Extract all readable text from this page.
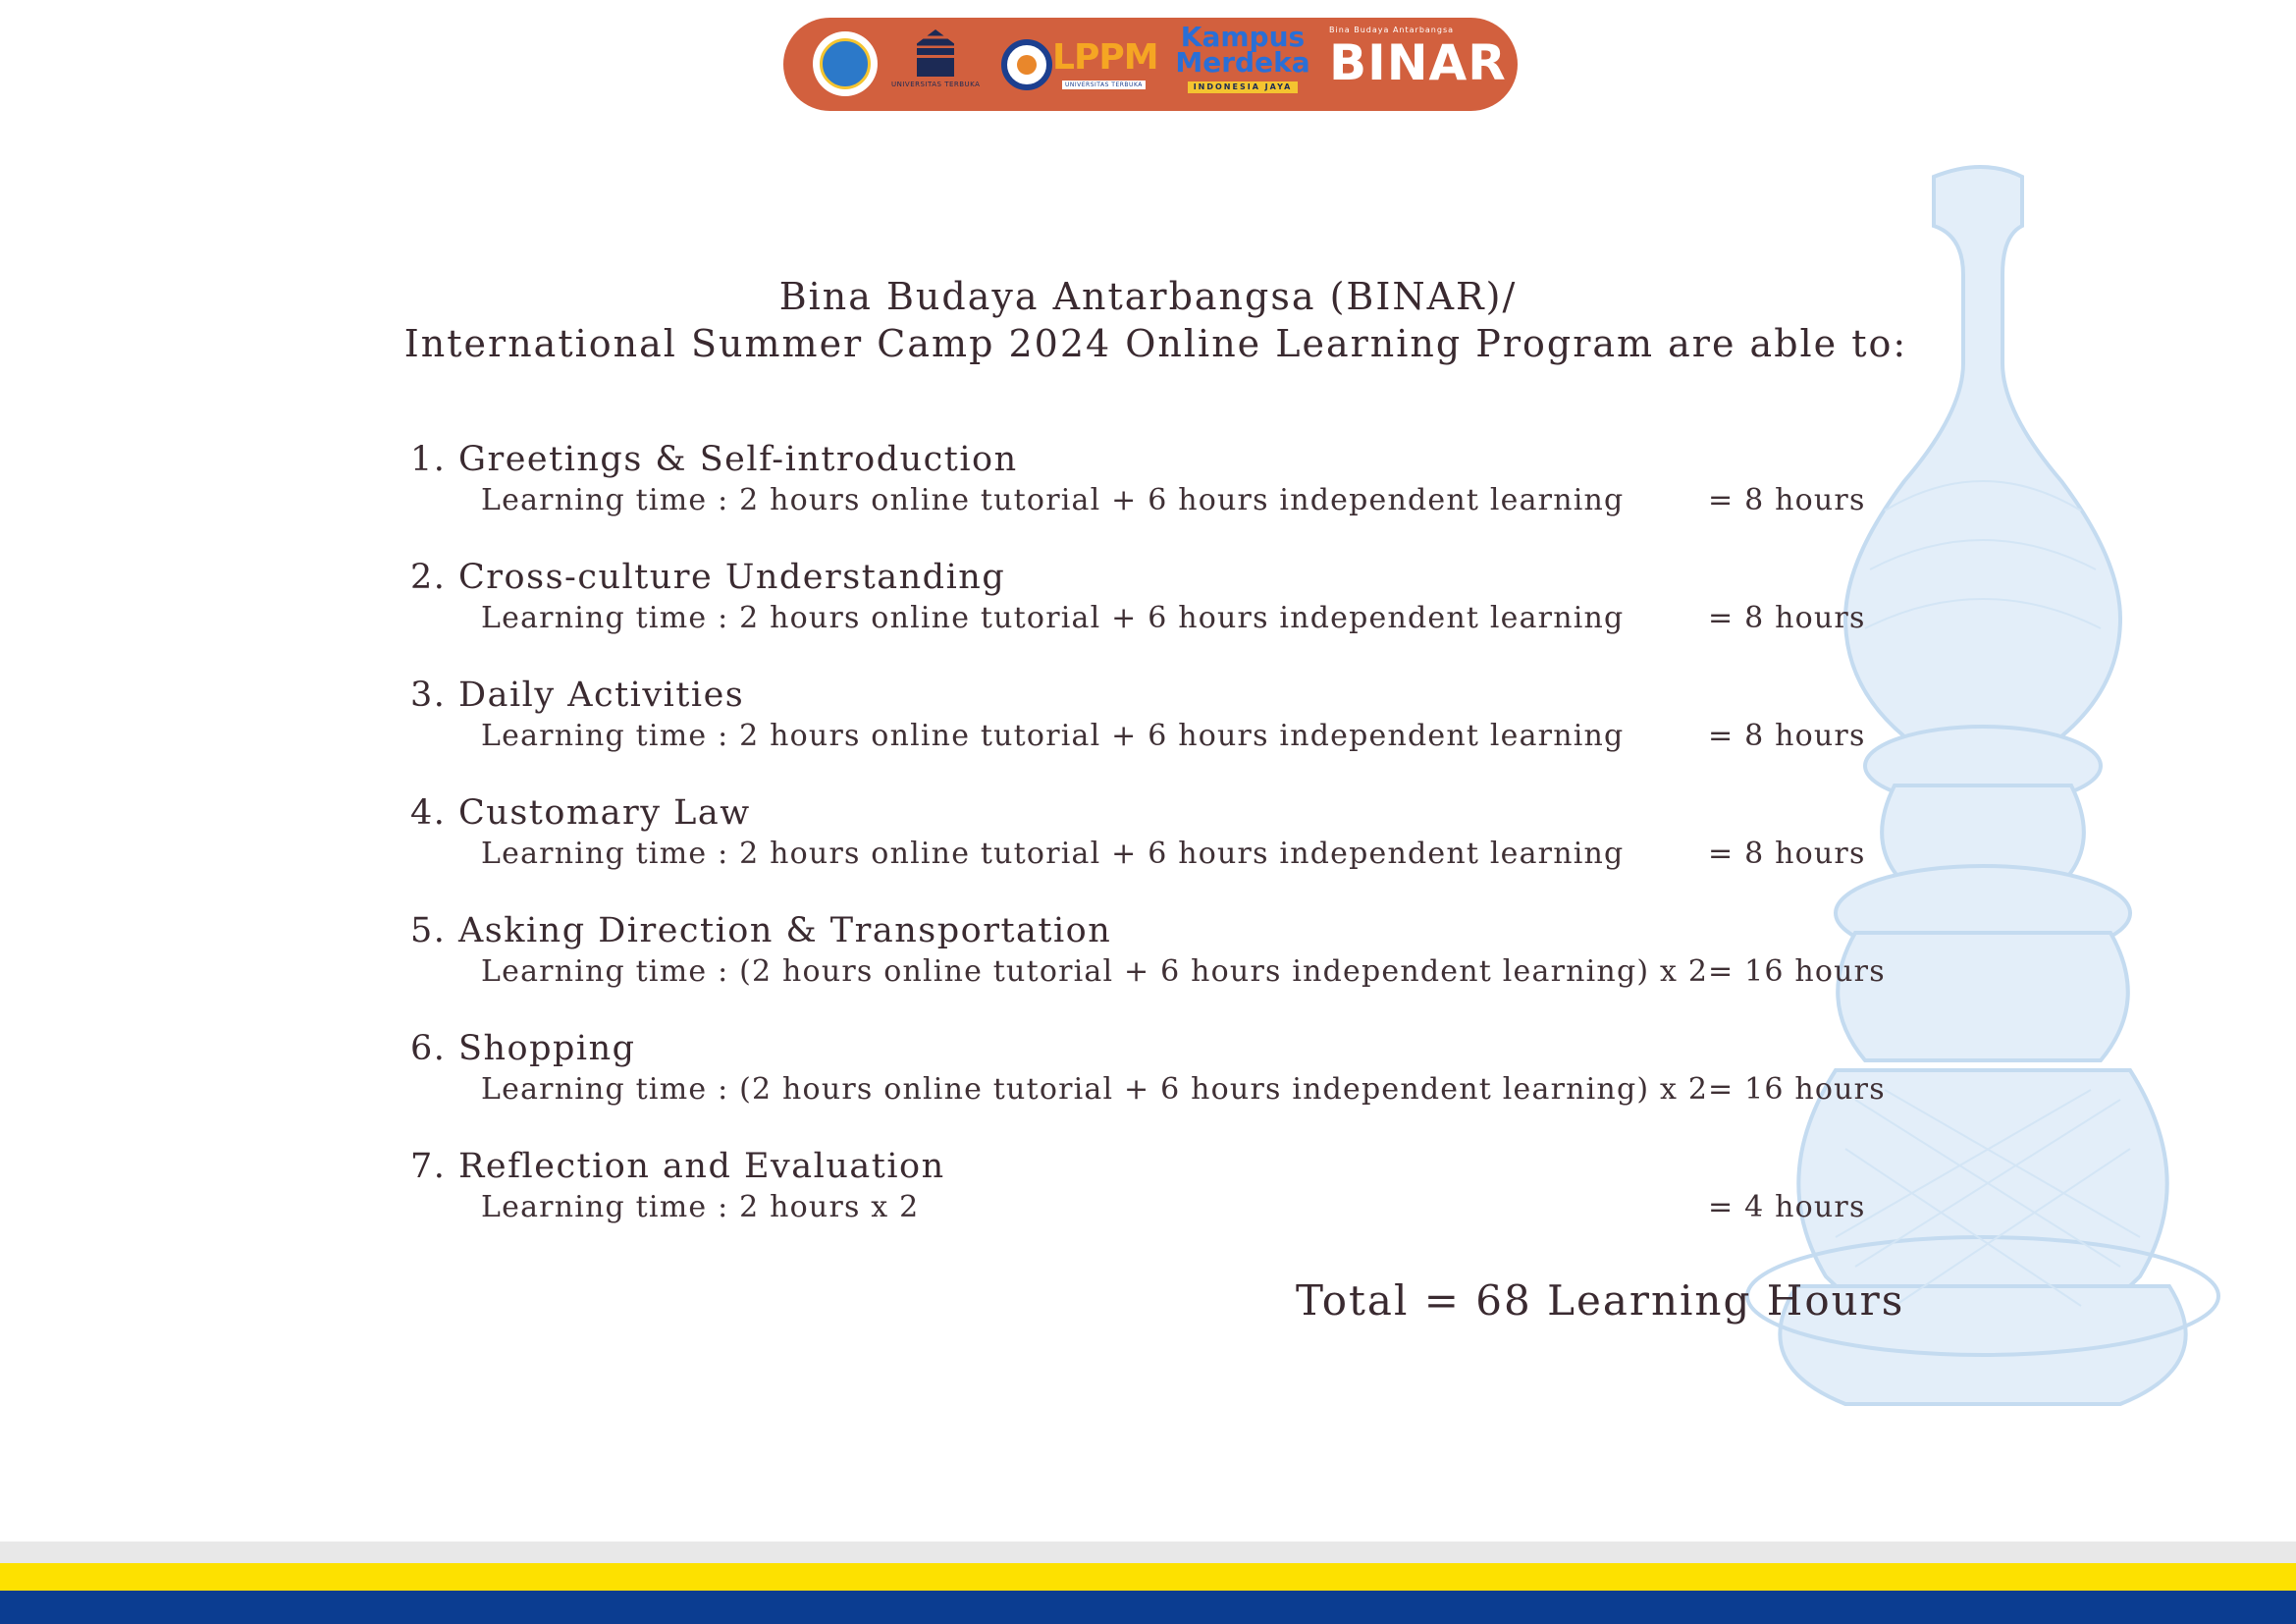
UNIVERSITAS TERBUKA
LPPM
UNIVERSITAS TERBUKA
Kampus
Merdeka
INDONESIA JAYA
Bina Budaya Antarbangsa
BINAR
Bina Budaya Antarbangsa (BINAR)/
International Summer Camp 2024 Online Learning Program are able to:
1. Greetings & Self-introduction
Learning time : 2 hours online tutorial + 6 hours independent learning	= 8 hours
2. Cross-culture Understanding
Learning time : 2 hours online tutorial + 6 hours independent learning	= 8 hours
3. Daily Activities
Learning time : 2 hours online tutorial + 6 hours independent learning	= 8 hours
4. Customary Law
Learning time : 2 hours online tutorial + 6 hours independent learning	= 8 hours
5. Asking Direction & Transportation
Learning time : (2 hours online tutorial + 6 hours independent learning) x 2 = 16 hours
6. Shopping
Learning time : (2 hours online tutorial + 6 hours independent learning) x 2 = 16 hours
7. Reflection and Evaluation
Learning time : 2 hours x 2	= 4 hours
Total = 68 Learning Hours
